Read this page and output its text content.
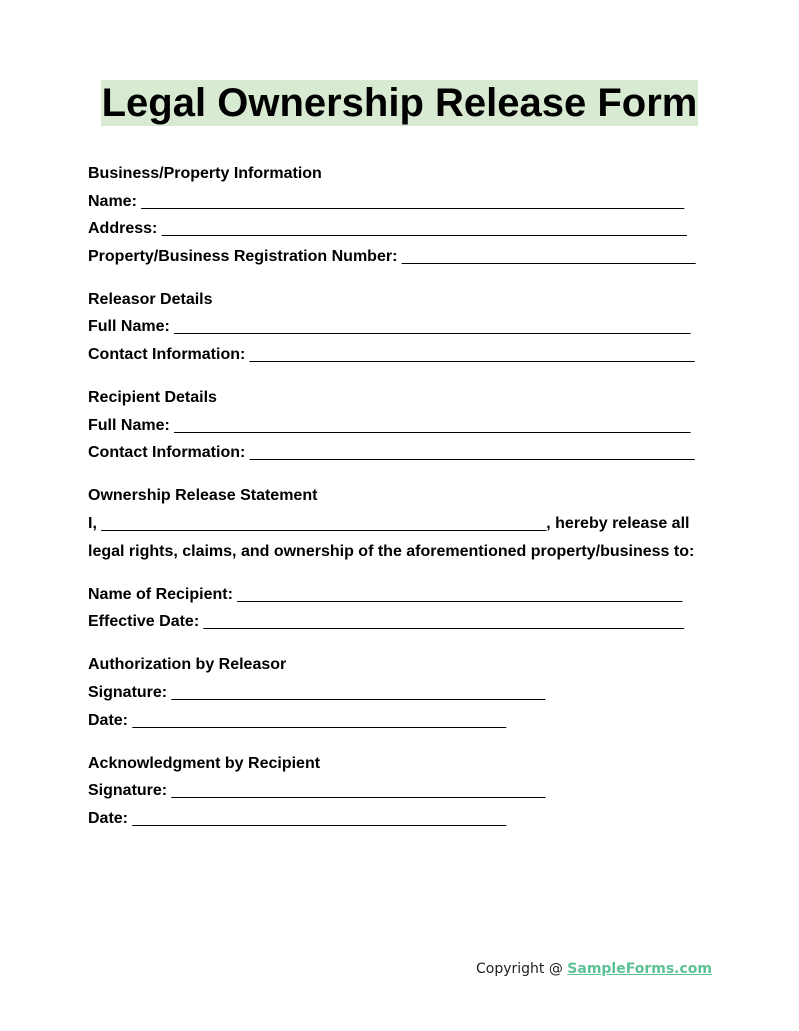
Legal Ownership Release Form
Business/Property Information
Name: _____________________________________________________________
Address: ___________________________________________________________
Property/Business Registration Number: _________________________________
Releasor Details
Full Name: __________________________________________________________
Contact Information: __________________________________________________
Recipient Details
Full Name: __________________________________________________________
Contact Information: __________________________________________________
Ownership Release Statement
I, __________________________________________________, hereby release all
legal rights, claims, and ownership of the aforementioned property/business to:
Name of Recipient: __________________________________________________
Effective Date: ______________________________________________________
Authorization by Releasor
Signature: __________________________________________
Date: __________________________________________
Acknowledgment by Recipient
Signature: __________________________________________
Date: __________________________________________
Copyright @ SampleForms.com
